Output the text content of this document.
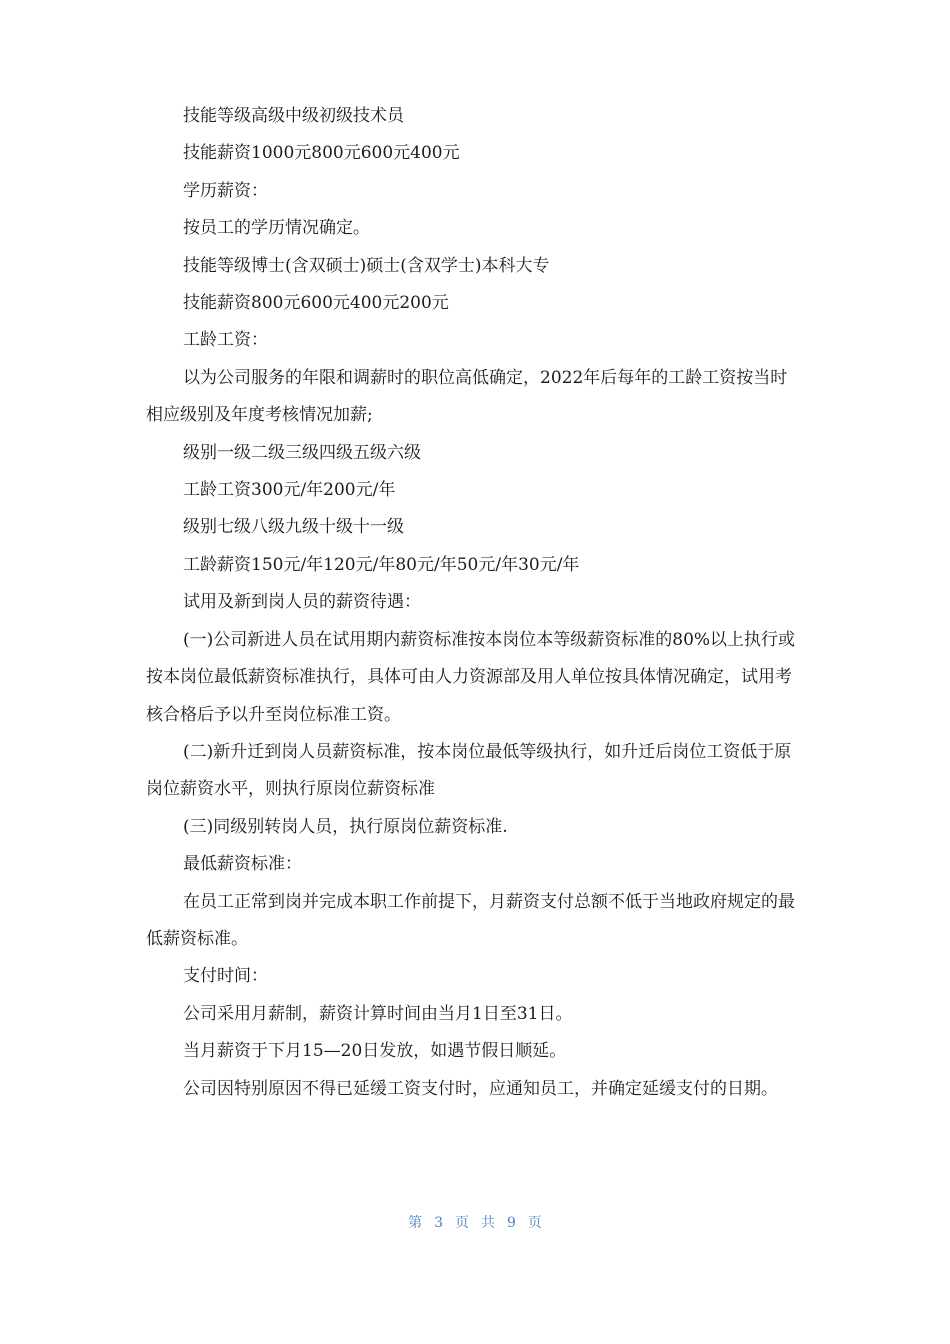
技能等级高级中级初级技术员

技能薪资1000元800元600元400元

学历薪资：

按员工的学历情况确定。

技能等级博士(含双硕士)硕士(含双学士)本科大专

技能薪资800元600元400元200元

工龄工资：

以为公司服务的年限和调薪时的职位高低确定，2022年后每年的工龄工资按当时相应级别及年度考核情况加薪;

级别一级二级三级四级五级六级

工龄工资300元/年200元/年

级别七级八级九级十级十一级

工龄薪资150元/年120元/年80元/年50元/年30元/年

试用及新到岗人员的薪资待遇：

(一)公司新进人员在试用期内薪资标准按本岗位本等级薪资标准的80%以上执行或按本岗位最低薪资标准执行，具体可由人力资源部及用人单位按具体情况确定，试用考核合格后予以升至岗位标准工资。

(二)新升迁到岗人员薪资标准，按本岗位最低等级执行，如升迁后岗位工资低于原岗位薪资水平，则执行原岗位薪资标准

(三)同级别转岗人员，执行原岗位薪资标准.

最低薪资标准：

在员工正常到岗并完成本职工作前提下，月薪资支付总额不低于当地政府规定的最低薪资标准。

支付时间：

公司采用月薪制，薪资计算时间由当月1日至31日。

当月薪资于下月15—20日发放，如遇节假日顺延。

公司因特别原因不得已延缓工资支付时，应通知员工，并确定延缓支付的日期。

第 3 页 共 9 页
